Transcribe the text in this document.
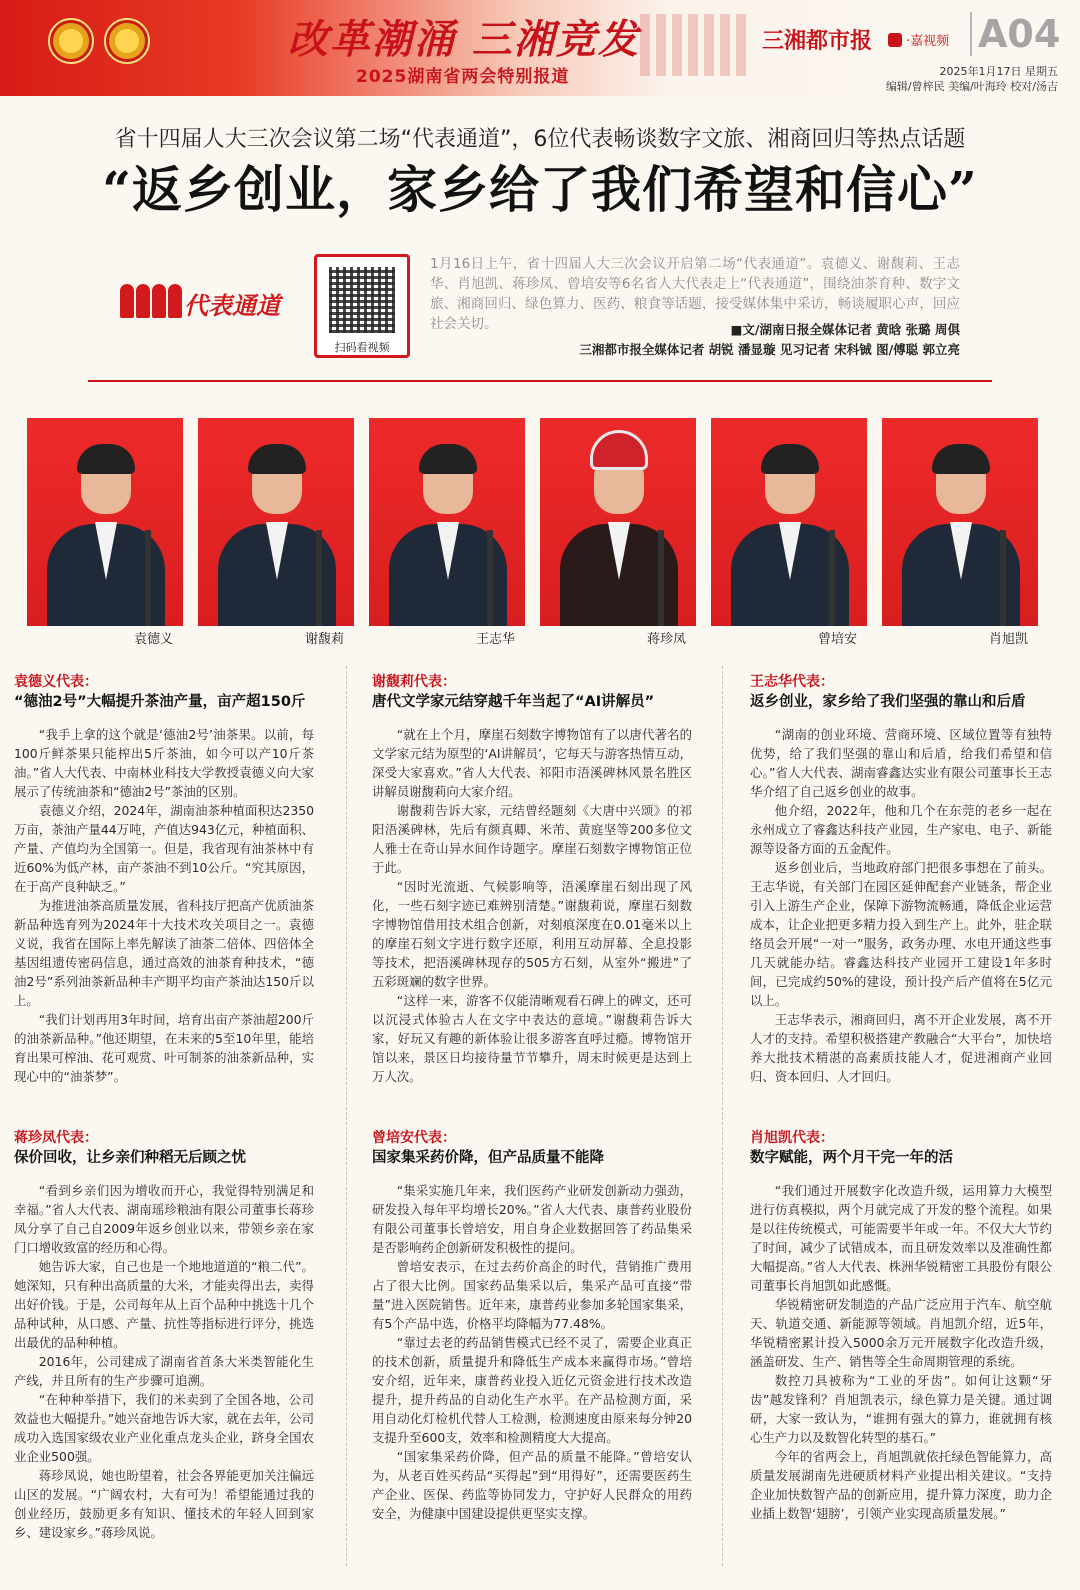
改革潮涌 三湘竞发
2025湖南省两会特别报道
三湘都市报	·嘉视频 A04
2025年1月17日 星期五
编辑/曾梓民 美编/叶海玲 校对/汤吉
省十四届人大三次会议第二场“代表通道”，6位代表畅谈数字文旅、湘商回归等热点话题
“返乡创业，家乡给了我们希望和信心”
代表通道
扫码看视频
1月16日上午，省十四届人大三次会议开启第二场“代表通道”。袁德义、谢馥莉、王志华、肖旭凯、蒋珍凤、曾培安等6名省人大代表走上“代表通道”，围绕油茶育种、数字文旅、湘商回归、绿色算力、医药、粮食等话题，接受媒体集中采访，畅谈履职心声，回应社会关切。	■文/湖南日报全媒体记者 黄晗 张璐 周俱
三湘都市报全媒体记者 胡锐 潘显璇 见习记者 宋科铖 图/傅聪 郭立亮
袁德义	谢馥莉	王志华	蒋珍凤	曾培安	肖旭凯
袁德义代表：
“德油2号”大幅提升茶油产量，亩产超150斤

“我手上拿的这个就是‘德油2号’油茶果。以前，每100斤鲜茶果只能榨出5斤茶油，如今可以产10斤茶油。”省人大代表、中南林业科技大学教授袁德义向大家展示了传统油茶和“德油2号”茶油的区别。

袁德义介绍，2024年，湖南油茶种植面积达2350万亩，茶油产量44万吨，产值达943亿元，种植面积、产量、产值均为全国第一。但是，我省现有油茶林中有近60%为低产林，亩产茶油不到10公斤。“究其原因，在于高产良种缺乏。”

为推进油茶高质量发展，省科技厅把高产优质油茶新品种选育列为2024年十大技术攻关项目之一。袁德义说，我省在国际上率先解读了油茶二倍体、四倍体全基因组遗传密码信息，通过高效的油茶育种技术，“德油2号”系列油茶新品种丰产期平均亩产茶油达150斤以上。

“我们计划再用3年时间，培育出亩产茶油超200斤的油茶新品种。”他还期望，在未来的5至10年里，能培育出果可榨油、花可观赏、叶可制茶的油茶新品种，实现心中的“油茶梦”。

谢馥莉代表：
唐代文学家元结穿越千年当起了“AI讲解员”

“就在上个月，摩崖石刻数字博物馆有了以唐代著名的文学家元结为原型的‘AI讲解员’，它每天与游客热情互动，深受大家喜欢。”省人大代表、祁阳市浯溪碑林风景名胜区讲解员谢馥莉向大家介绍。

谢馥莉告诉大家，元结曾经题刻《大唐中兴颂》的祁阳浯溪碑林，先后有颜真卿、米芾、黄庭坚等200多位文人雅士在奇山异水间作诗题字。摩崖石刻数字博物馆正位于此。

“因时光流逝、气候影响等，浯溪摩崖石刻出现了风化，一些石刻字迹已难辨别清楚。”谢馥莉说，摩崖石刻数字博物馆借用技术组合创新，对刻痕深度在0.01毫米以上的摩崖石刻文字进行数字还原，利用互动屏幕、全息投影等技术，把浯溪碑林现存的505方石刻，从室外“搬进”了五彩斑斓的数字世界。

“这样一来，游客不仅能清晰观看石碑上的碑文，还可以沉浸式体验古人在文字中表达的意境。”谢馥莉告诉大家，好玩又有趣的新体验让很多游客直呼过瘾。博物馆开馆以来，景区日均接待量节节攀升，周末时候更是达到上万人次。

王志华代表：
返乡创业，家乡给了我们坚强的靠山和后盾

“湖南的创业环境、营商环境、区域位置等有独特优势，给了我们坚强的靠山和后盾，给我们希望和信心。”省人大代表、湖南睿鑫达实业有限公司董事长王志华介绍了自己返乡创业的故事。

他介绍，2022年，他和几个在东莞的老乡一起在永州成立了睿鑫达科技产业园，生产家电、电子、新能源等设备方面的五金配件。

返乡创业后，当地政府部门把很多事想在了前头。王志华说，有关部门在园区延伸配套产业链条，帮企业引入上游生产企业，保障下游物流畅通，降低企业运营成本，让企业把更多精力投入到生产上。此外，驻企联络员会开展“一对一”服务，政务办理、水电开通这些事几天就能办结。睿鑫达科技产业园开工建设1年多时间，已完成约50%的建设，预计投产后产值将在5亿元以上。

王志华表示，湘商回归，离不开企业发展，离不开人才的支持。希望积极搭建产教融合“大平台”，加快培养大批技术精湛的高素质技能人才，促进湘商产业回归、资本回归、人才回归。

蒋珍凤代表：
保价回收，让乡亲们种稻无后顾之忧

“看到乡亲们因为增收而开心，我觉得特别满足和幸福。”省人大代表、湖南瑶珍粮油有限公司董事长蒋珍凤分享了自己自2009年返乡创业以来，带领乡亲在家门口增收致富的经历和心得。

她告诉大家，自己也是一个地地道道的“粮二代”。她深知，只有种出高质量的大米，才能卖得出去，卖得出好价钱。于是，公司每年从上百个品种中挑选十几个品种试种，从口感、产量、抗性等指标进行评分，挑选出最优的品种种植。

2016年，公司建成了湖南省首条大米类智能化生产线，并且所有的生产步骤可追溯。

“在种种举措下，我们的米卖到了全国各地，公司效益也大幅提升。”她兴奋地告诉大家，就在去年，公司成功入选国家级农业产业化重点龙头企业，跻身全国农业企业500强。

蒋珍凤说，她也盼望着，社会各界能更加关注偏远山区的发展。“广阔农村，大有可为！希望能通过我的创业经历，鼓励更多有知识、懂技术的年轻人回到家乡、建设家乡。”蒋珍凤说。

曾培安代表：
国家集采药价降，但产品质量不能降

“集采实施几年来，我们医药产业研发创新动力强劲，研发投入每年平均增长20%。”省人大代表、康普药业股份有限公司董事长曾培安，用自身企业数据回答了药品集采是否影响药企创新研发积极性的提问。

曾培安表示，在过去药价高企的时代，营销推广费用占了很大比例。国家药品集采以后，集采产品可直接“带量”进入医院销售。近年来，康普药业参加多轮国家集采，有5个产品中选，价格平均降幅为77.48%。

“靠过去老的药品销售模式已经不灵了，需要企业真正的技术创新，质量提升和降低生产成本来赢得市场。”曾培安介绍，近年来，康普药业投入近亿元资金进行技术改造提升，提升药品的自动化生产水平。在产品检测方面，采用自动化灯检机代替人工检测，检测速度由原来每分钟20支提升至600支，效率和检测精度大大提高。

“国家集采药价降，但产品的质量不能降。”曾培安认为，从老百姓买药品“买得起”到“用得好”，还需要医药生产企业、医保、药监等协同发力，守护好人民群众的用药安全，为健康中国建设提供更坚实支撑。

肖旭凯代表：
数字赋能，两个月干完一年的活

“我们通过开展数字化改造升级，运用算力大模型进行仿真模拟，两个月就完成了开发的整个流程。如果是以往传统模式，可能需要半年或一年。不仅大大节约了时间，减少了试错成本，而且研发效率以及准确性都大幅提高。”省人大代表、株洲华锐精密工具股份有限公司董事长肖旭凯如此感慨。

华锐精密研发制造的产品广泛应用于汽车、航空航天、轨道交通、新能源等领域。肖旭凯介绍，近5年，华锐精密累计投入5000余万元开展数字化改造升级，涵盖研发、生产、销售等全生命周期管理的系统。

数控刀具被称为“工业的牙齿”。如何让这颗“牙齿”越发锋利？肖旭凯表示，绿色算力是关键。通过调研，大家一致认为，“谁拥有强大的算力，谁就拥有核心生产力以及数智化转型的基石。”

今年的省两会上，肖旭凯就依托绿色智能算力，高质量发展湖南先进硬质材料产业提出相关建议。“支持企业加快数智产品的创新应用，提升算力深度，助力企业插上数智‘翅膀’，引领产业实现高质量发展。”
